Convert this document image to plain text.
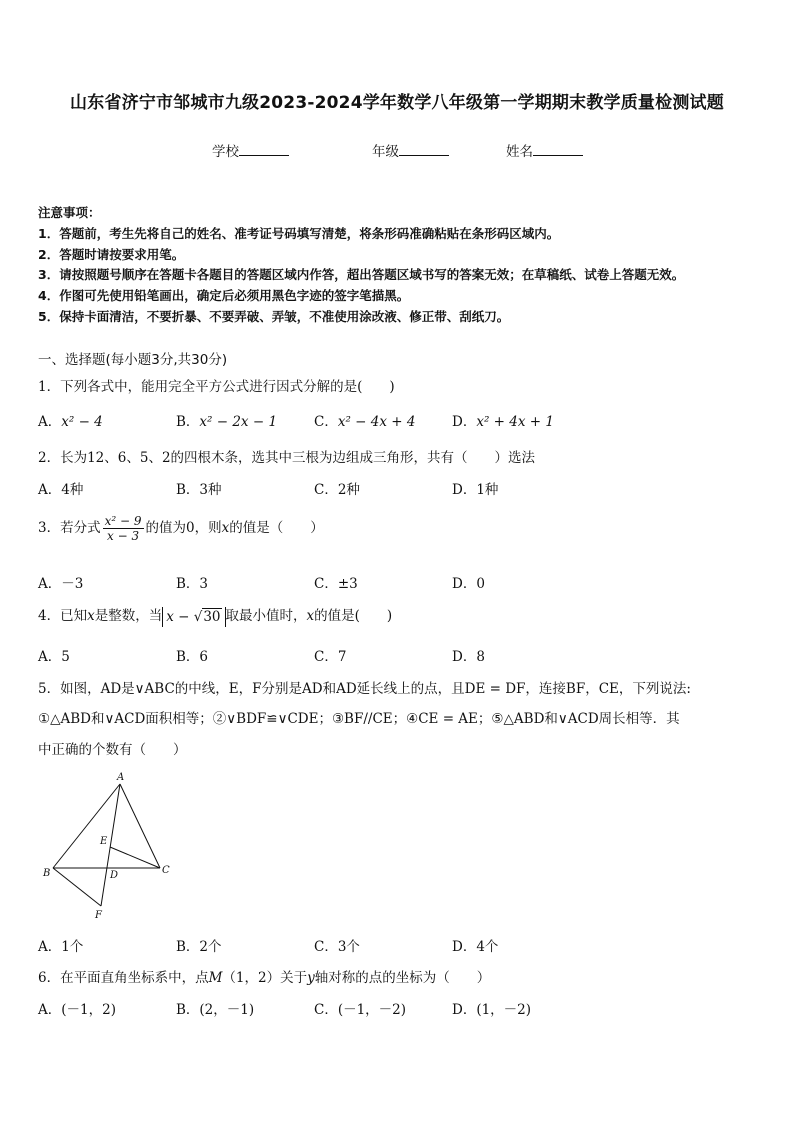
山东省济宁市邹城市九级2023-2024学年数学八年级第一学期期末教学质量检测试题
学校	年级	姓名
注意事项：
1．答题前，考生先将自己的姓名、准考证号码填写清楚，将条形码准确粘贴在条形码区域内。
2．答题时请按要求用笔。
3．请按照题号顺序在答题卡各题目的答题区域内作答，超出答题区域书写的答案无效；在草稿纸、试卷上答题无效。
4．作图可先使用铅笔画出，确定后必须用黑色字迹的签字笔描黑。
5．保持卡面清洁，不要折暴、不要弄破、弄皱，不准使用涂改液、修正带、刮纸刀。
一、选择题(每小题3分,共30分)
1．下列各式中，能用完全平方公式进行因式分解的是(　　)
A．x² − 4	B．x² − 2x − 1	C．x² − 4x + 4	D．x² + 4x + 1
2．长为12、6、5、2的四根木条，选其中三根为边组成三角形，共有（　　）选法
A．4种	B．3种	C．2种	D．1种
3．若分式 $\frac{\text{x² − 9}}{x - 3}$ 的值为0，则x的值是（　　）
A．－3	B．3	C．±3	D．0
4．已知x是整数，当 x − √30 取最小值时，x的值是(　　)
A．5	B．6	C．7	D．8
5．如图，AD是∨ABC的中线，E，F分别是AD和AD延长线上的点，且DE = DF，连接BF，CE，下列说法:
①△ABD和∨ACD面积相等；②∨BDF≌∨CDE；③BF//CE；④CE = AE；⑤△ABD和∨ACD周长相等．其
中正确的个数有（　　）
A
B	C
D
E
F
A．1个	B．2个	C．3个	D．4个
6．在平面直角坐标系中，点M（1，2）关于y轴对称的点的坐标为（　　）
A．(－1，2)	B．(2，－1)	C．(－1，－2)	D．(1，－2)
